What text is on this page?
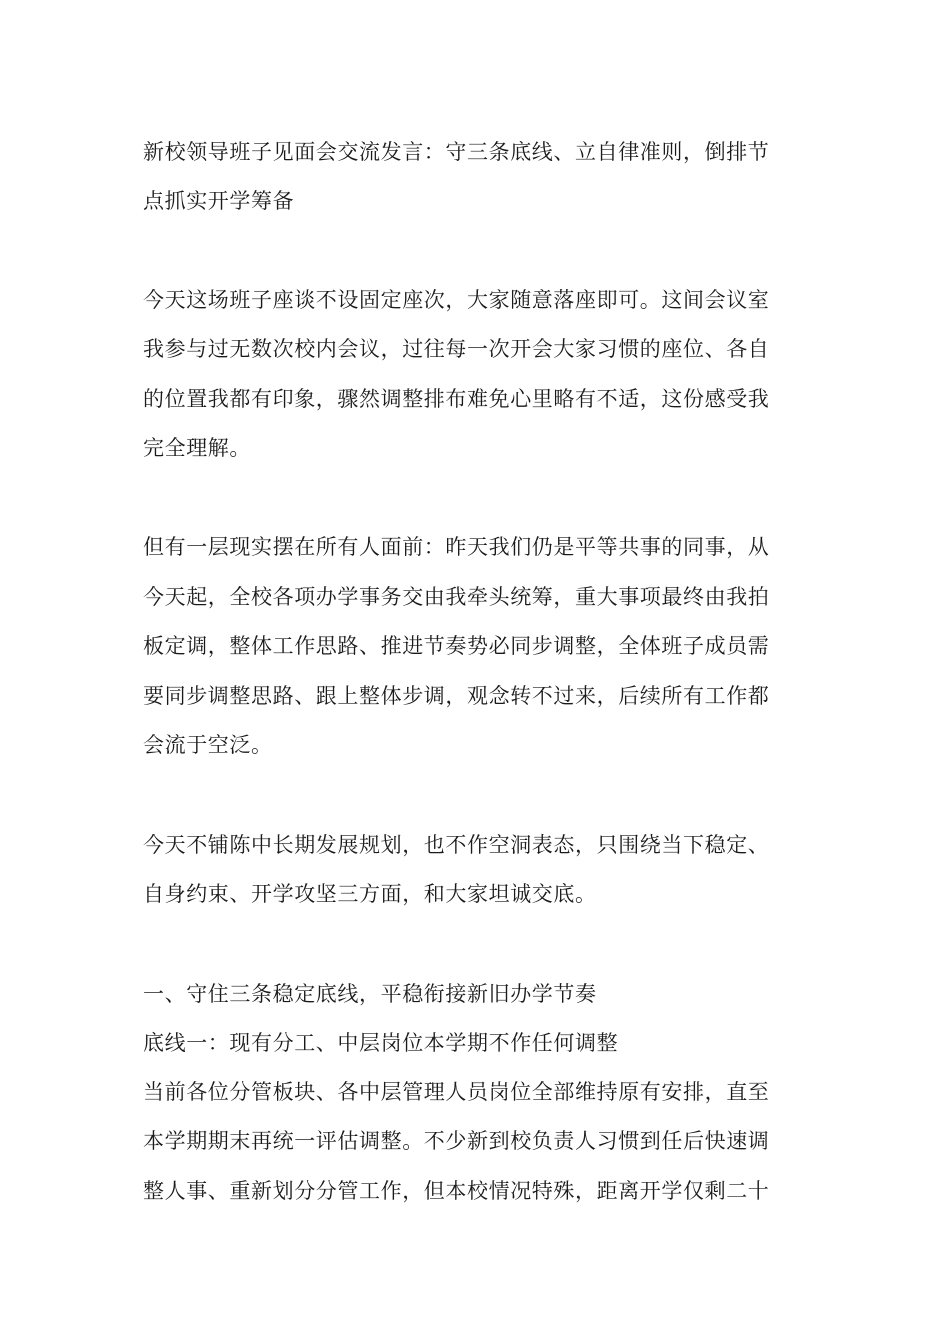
新校领导班子见面会交流发言：守三条底线、立自律准则，倒排节

点抓实开学筹备

今天这场班子座谈不设固定座次，大家随意落座即可。这间会议室

我参与过无数次校内会议，过往每一次开会大家习惯的座位、各自

的位置我都有印象，骤然调整排布难免心里略有不适，这份感受我

完全理解。

但有一层现实摆在所有人面前：昨天我们仍是平等共事的同事，从

今天起，全校各项办学事务交由我牵头统筹，重大事项最终由我拍

板定调，整体工作思路、推进节奏势必同步调整，全体班子成员需

要同步调整思路、跟上整体步调，观念转不过来，后续所有工作都

会流于空泛。

今天不铺陈中长期发展规划，也不作空洞表态，只围绕当下稳定、

自身约束、开学攻坚三方面，和大家坦诚交底。

一、守住三条稳定底线，平稳衔接新旧办学节奏

底线一：现有分工、中层岗位本学期不作任何调整

当前各位分管板块、各中层管理人员岗位全部维持原有安排，直至

本学期期末再统一评估调整。不少新到校负责人习惯到任后快速调

整人事、重新划分分管工作，但本校情况特殊，距离开学仅剩二十
